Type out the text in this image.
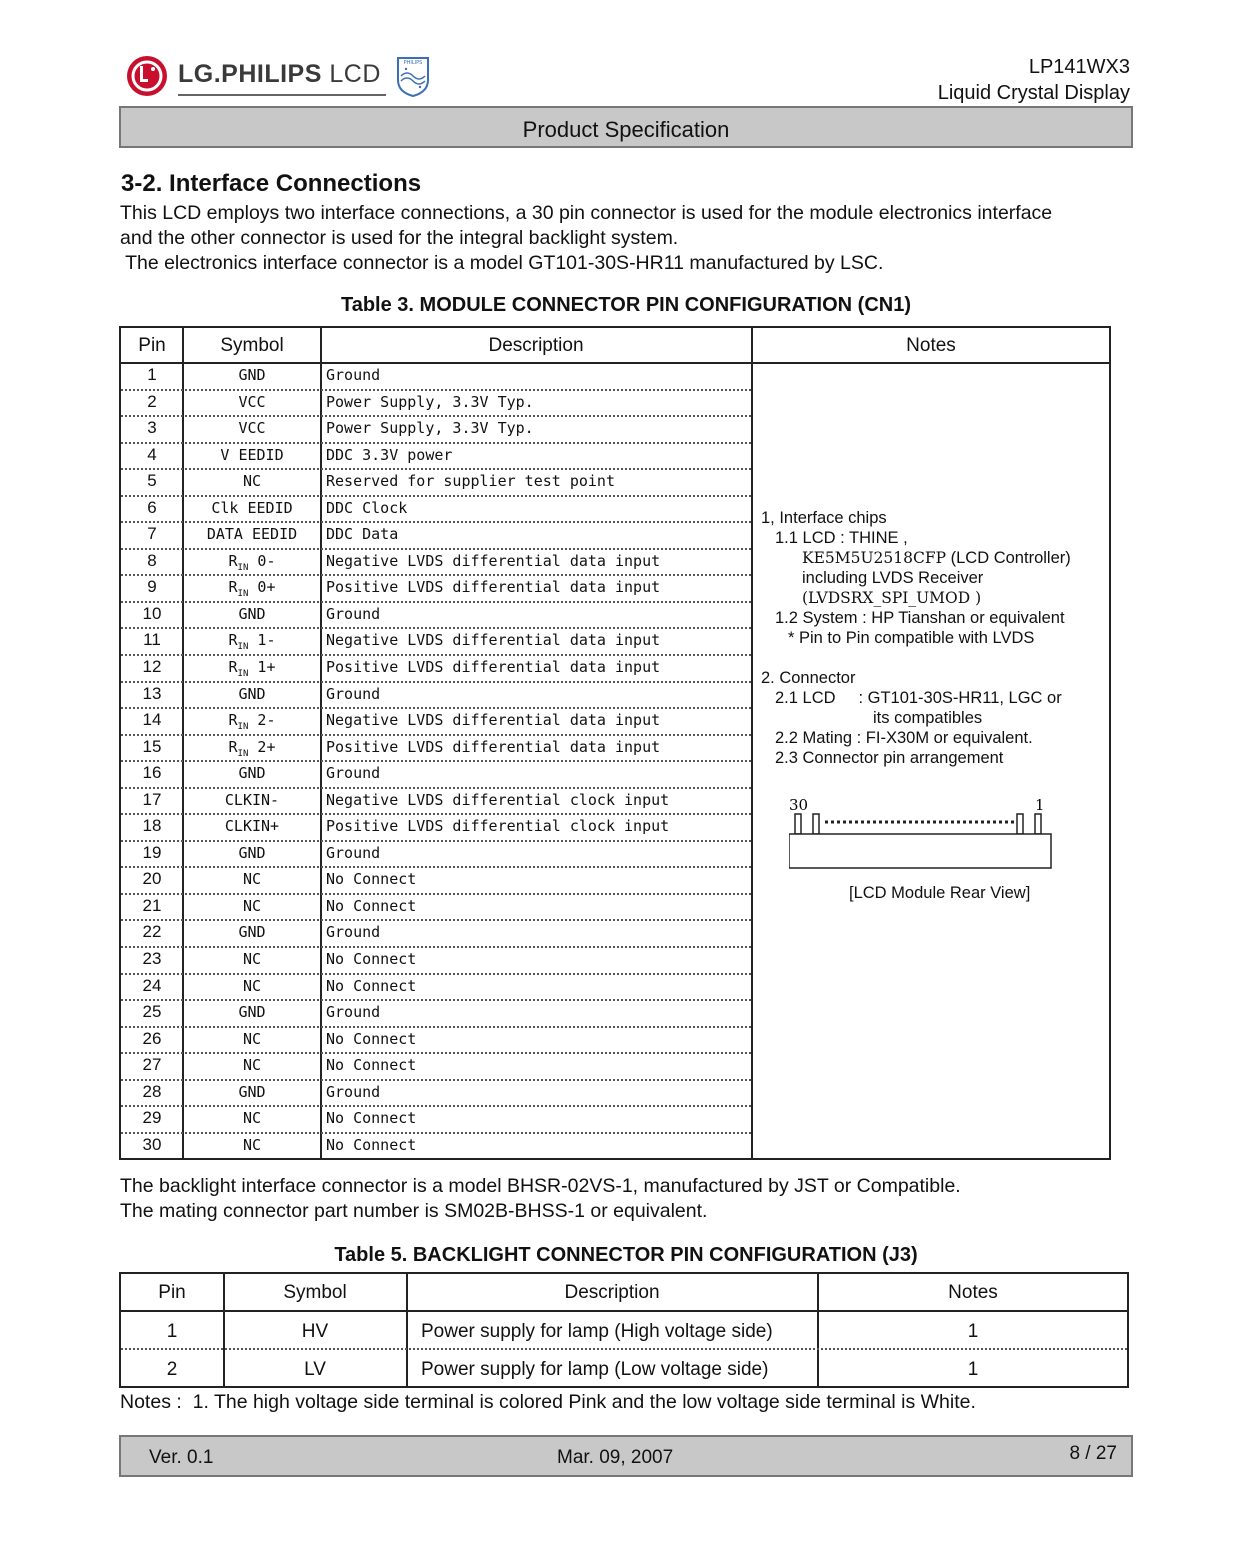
LG.PHILIPS LCD	PHILIPS	LP141WX3
Liquid Crystal Display
Product Specification
3-2. Interface Connections
This LCD employs two interface connections, a 30 pin connector is used for the module electronics interface
and the other connector is used for the integral backlight system.
The electronics interface connector is a model GT101-30S-HR11 manufactured by LSC.
Table 3. MODULE CONNECTOR PIN CONFIGURATION (CN1)
Pin	Symbol	Description	Notes
1	GND	Ground
2	VCC	Power Supply, 3.3V Typ.
3	VCC	Power Supply, 3.3V Typ.
4	V EEDID	DDC 3.3V power
5	NC	Reserved for supplier test point
6	Clk EEDID	DDC Clock
7	DATA EEDID	DDC Data
8	$R_{IN}$ 0-	Negative LVDS differential data input
9	$R_{IN}$ 0+	Positive LVDS differential data input
10	GND	Ground
11	$R_{IN}$ 1-	Negative LVDS differential data input
12	$R_{IN}$ 1+	Positive LVDS differential data input
13	GND	Ground
14	$R_{IN}$ 2-	Negative LVDS differential data input
15	$R_{IN}$ 2+	Positive LVDS differential data input
16	GND	Ground
17	CLKIN-	Negative LVDS differential clock input
18	CLKIN+	Positive LVDS differential clock input
19	GND	Ground
20	NC	No Connect
21	NC	No Connect
22	GND	Ground
23	NC	No Connect
24	NC	No Connect
25	GND	Ground
26	NC	No Connect
27	NC	No Connect
28	GND	Ground
29	NC	No Connect
30	NC	No Connect
1, Interface chips
1.1 LCD : THINE ,
KE5M5U2518CFP (LCD Controller)
including LVDS Receiver
(LVDSRX_SPI_UMOD )
1.2 System : HP Tianshan or equivalent
* Pin to Pin compatible with LVDS
2. Connector
2.1 LCD     : GT101-30S-HR11, LGC or
its compatibles
2.2 Mating : FI-X30M or equivalent.
2.3 Connector pin arrangement
30	1
[LCD Module Rear View]
The backlight interface connector is a model BHSR-02VS-1, manufactured by JST or Compatible.
The mating connector part number is SM02B-BHSS-1 or equivalent.
Table 5. BACKLIGHT CONNECTOR PIN CONFIGURATION (J3)
Pin	Symbol	Description	Notes
1	HV	Power supply for lamp (High voltage side)	1
2	LV	Power supply for lamp (Low voltage side)	1
Notes :  1. The high voltage side terminal is colored Pink and the low voltage side terminal is White.
Ver. 0.1	Mar. 09, 2007	8 / 27
